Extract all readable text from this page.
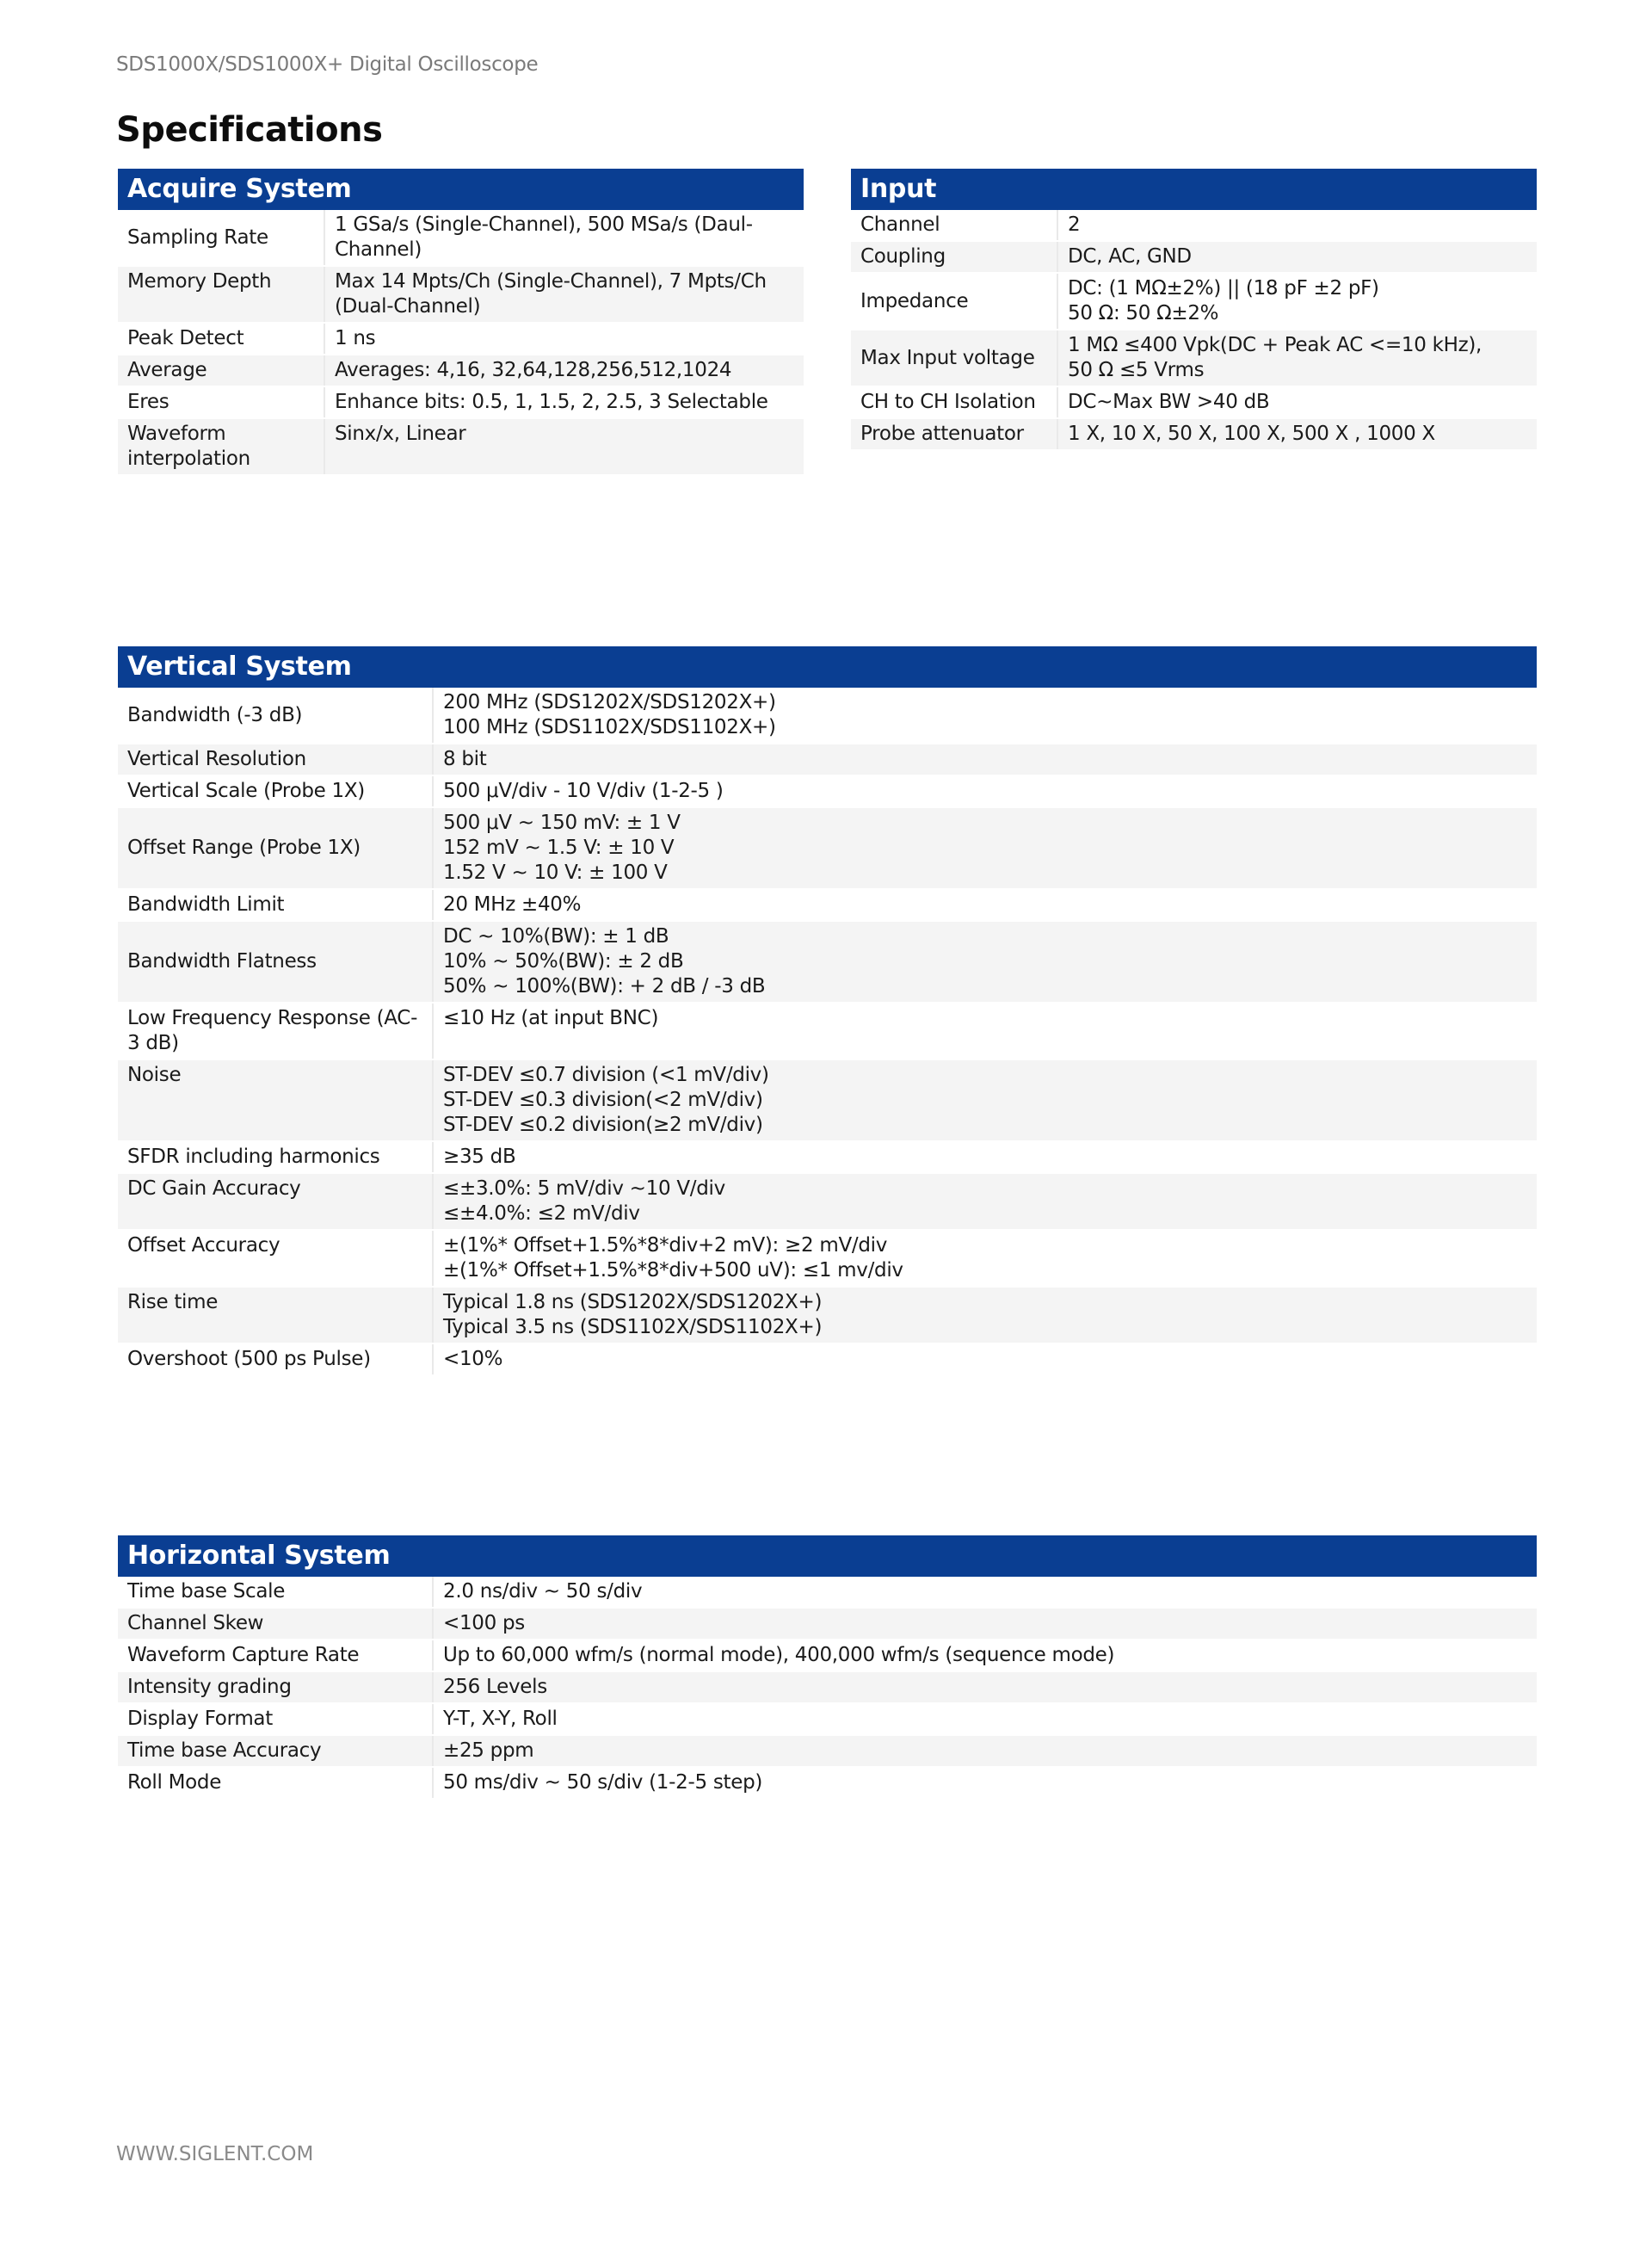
SDS1000X/SDS1000X+ Digital Oscilloscope
Specifications
Acquire System
Sampling Rate	1 GSa/s (Single-Channel), 500 MSa/s (Daul-Channel)

Memory Depth	Max 14 Mpts/Ch (Single-Channel), 7 Mpts/Ch (Dual-Channel)

Peak Detect	1 ns

Average	Averages: 4,16, 32,64,128,256,512,1024

Eres	Enhance bits: 0.5, 1, 1.5, 2, 2.5, 3 Selectable

Waveform interpolation	Sinx/x, Linear
Input
Channel	2

Coupling	DC, AC, GND

Impedance	DC: (1 MΩ±2%) || (18 pF ±2 pF)
50 Ω: 50 Ω±2%

Max Input voltage	1 MΩ ≤400 Vpk(DC + Peak AC <=10 kHz),
50 Ω ≤5 Vrms

CH to CH Isolation	DC~Max BW >40 dB

Probe attenuator	1 X, 10 X, 50 X, 100 X, 500 X , 1000 X
Vertical System
Bandwidth (-3 dB)	200 MHz (SDS1202X/SDS1202X+)
100 MHz (SDS1102X/SDS1102X+)

Vertical Resolution	8 bit

Vertical Scale (Probe 1X)	500 μV/div - 10 V/div (1-2-5 )

Offset Range (Probe 1X)	500 μV ~ 150 mV: ± 1 V
152 mV ~ 1.5 V: ± 10 V
1.52 V ~ 10 V: ± 100 V

Bandwidth Limit	20 MHz ±40%

Bandwidth Flatness	DC ~ 10%(BW): ± 1 dB
10% ~ 50%(BW): ± 2 dB
50% ~ 100%(BW): + 2 dB / -3 dB

Low Frequency Response (AC-3 dB)	≤10 Hz (at input BNC)

Noise	ST-DEV ≤0.7 division (<1 mV/div)
ST-DEV ≤0.3 division(<2 mV/div)
ST-DEV ≤0.2 division(≥2 mV/div)

SFDR including harmonics	≥35 dB

DC Gain Accuracy	≤±3.0%: 5 mV/div ~10 V/div
≤±4.0%: ≤2 mV/div

Offset Accuracy	±(1%* Offset+1.5%*8*div+2 mV): ≥2 mV/div
±(1%* Offset+1.5%*8*div+500 uV): ≤1 mv/div

Rise time	Typical 1.8 ns (SDS1202X/SDS1202X+)
Typical 3.5 ns (SDS1102X/SDS1102X+)

Overshoot (500 ps Pulse)	<10%
Horizontal System
Time base Scale	2.0 ns/div ~ 50 s/div

Channel Skew	<100 ps

Waveform Capture Rate	Up to 60,000 wfm/s (normal mode), 400,000 wfm/s (sequence mode)

Intensity grading	256 Levels

Display Format	Y-T, X-Y, Roll

Time base Accuracy	±25 ppm

Roll Mode	50 ms/div ~ 50 s/div (1-2-5 step)
WWW.SIGLENT.COM
